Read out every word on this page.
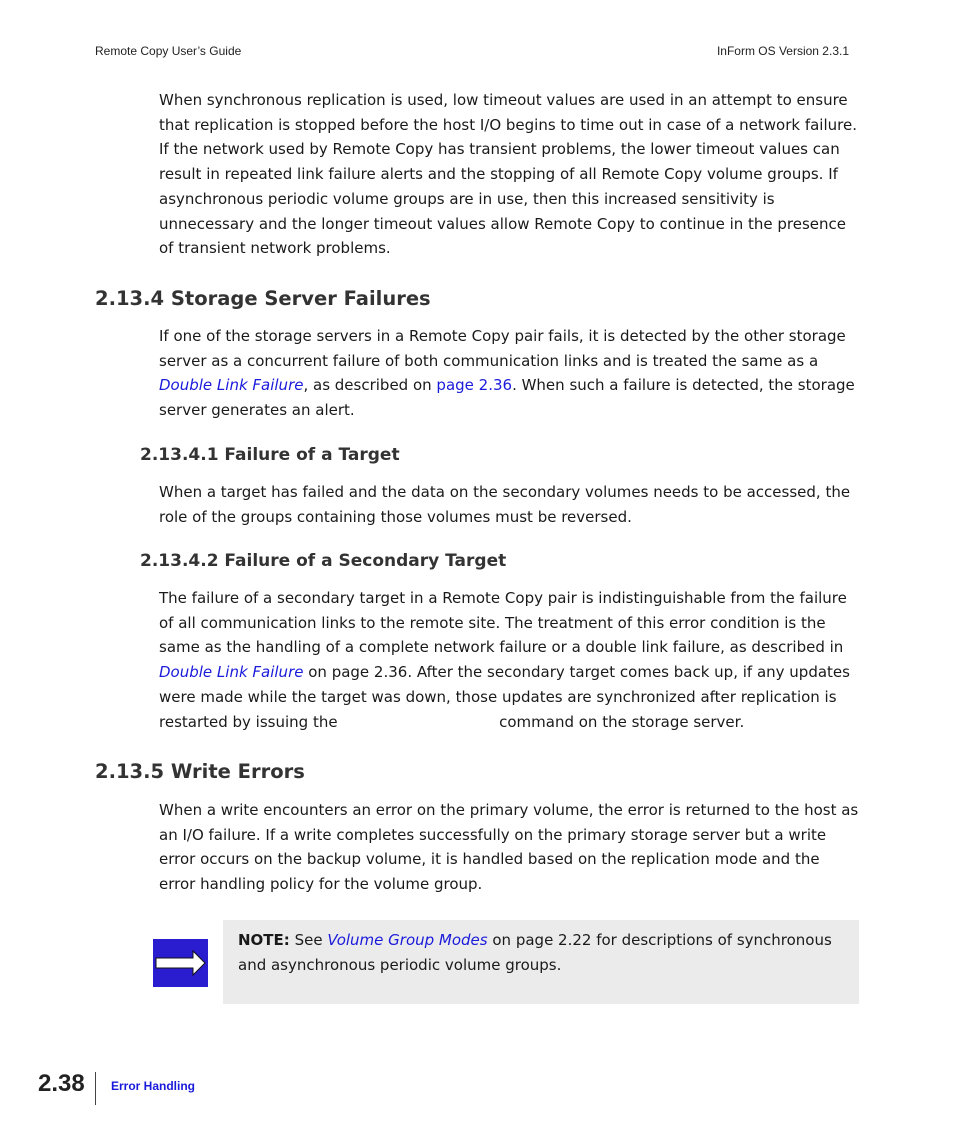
Remote Copy User’s Guide	InForm OS Version 2.3.1

When synchronous replication is used, low timeout values are used in an attempt to ensure that replication is stopped before the host I/O begins to time out in case of a network failure. If the network used by Remote Copy has transient problems, the lower timeout values can result in repeated link failure alerts and the stopping of all Remote Copy volume groups. If asynchronous periodic volume groups are in use, then this increased sensitivity is unnecessary and the longer timeout values allow Remote Copy to continue in the presence of transient network problems.

2.13.4 Storage Server Failures

If one of the storage servers in a Remote Copy pair fails, it is detected by the other storage server as a concurrent failure of both communication links and is treated the same as a Double Link Failure, as described on page 2.36. When such a failure is detected, the storage server generates an alert.

2.13.4.1 Failure of a Target

When a target has failed and the data on the secondary volumes needs to be accessed, the role of the groups containing those volumes must be reversed.

2.13.4.2 Failure of a Secondary Target

The failure of a secondary target in a Remote Copy pair is indistinguishable from the failure of all communication links to the remote site. The treatment of this error condition is the same as the handling of a complete network failure or a double link failure, as described in Double Link Failure on page 2.36. After the secondary target comes back up, if any updates were made while the target was down, those updates are synchronized after replication is restarted by issuing the	command on the storage server.

2.13.5 Write Errors

When a write encounters an error on the primary volume, the error is returned to the host as an I/O failure. If a write completes successfully on the primary storage server but a write error occurs on the backup volume, it is handled based on the replication mode and the error handling policy for the volume group.

NOTE: See Volume Group Modes on page 2.22 for descriptions of synchronous and asynchronous periodic volume groups.

2.38 Error Handling
